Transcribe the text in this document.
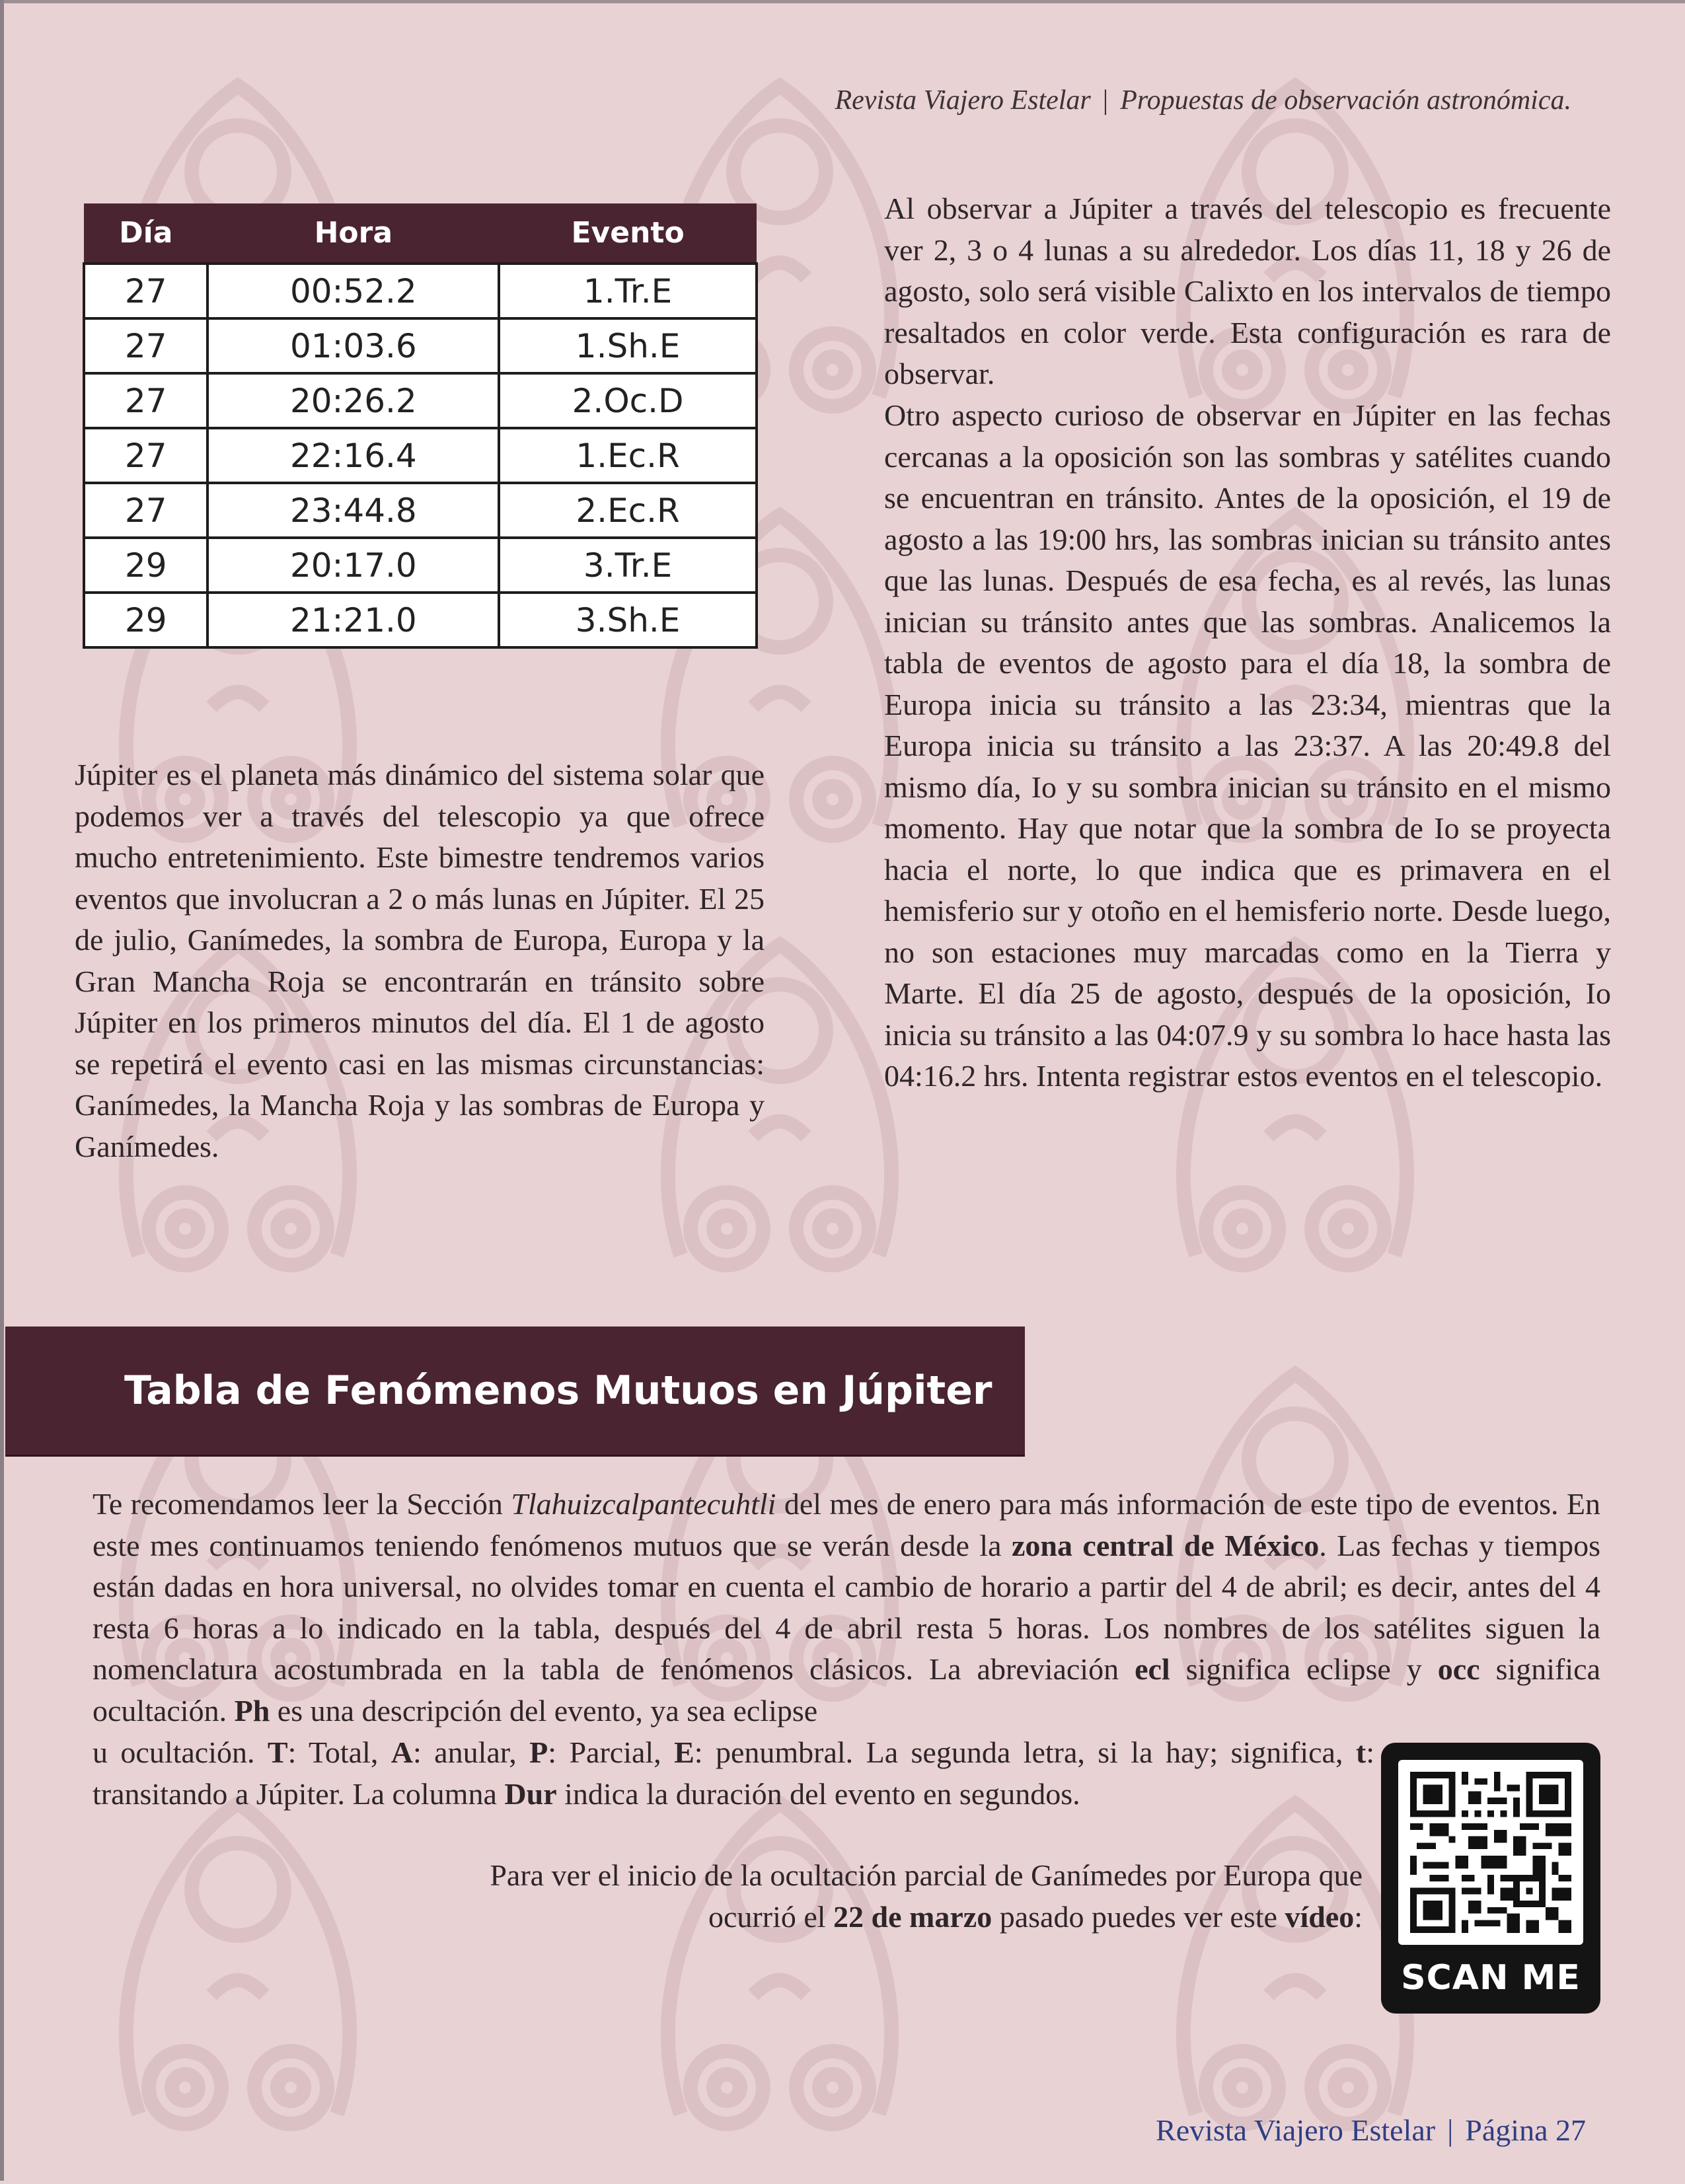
Revista Viajero Estelar | Propuestas de observación astronómica.
Día	Hora	Evento
27	00:52.2	1.Tr.E
27	01:03.6	1.Sh.E
27	20:26.2	2.Oc.D
27	22:16.4	1.Ec.R
27	23:44.8	2.Ec.R
29	20:17.0	3.Tr.E
29	21:21.0	3.Sh.E

Júpiter es el planeta más dinámico del sistema solar que podemos ver a través del telescopio ya que ofrece mucho entretenimiento. Este bimestre tendremos varios eventos que involucran a 2 o más lunas en Júpiter. El 25 de julio, Ganímedes, la sombra de Europa, Europa y la Gran Mancha Roja se encontrarán en tránsito sobre Júpiter en los primeros minutos del día. El 1 de agosto se repetirá el evento casi en las mismas circunstancias: Ganímedes, la Mancha Roja y las sombras de Europa y Ganímedes.

Al observar a Júpiter a través del telescopio es frecuente ver 2, 3 o 4 lunas a su alrededor. Los días 11, 18 y 26 de agosto, solo será visible Calixto en los intervalos de tiempo resaltados en color verde. Esta configuración es rara de observar.

Otro aspecto curioso de observar en Júpiter en las fechas cercanas a la oposición son las sombras y satélites cuando se encuentran en tránsito. Antes de la oposición, el 19 de agosto a las 19:00 hrs, las sombras inician su tránsito antes que las lunas. Después de esa fecha, es al revés, las lunas inician su tránsito antes que las sombras. Analicemos la tabla de eventos de agosto para el día 18, la sombra de Europa inicia su tránsito a las 23:34, mientras que la Europa inicia su tránsito a las 23:37. A las 20:49.8 del mismo día, Io y su sombra inician su tránsito en el mismo momento. Hay que notar que la sombra de Io se proyecta hacia el norte, lo que indica que es primavera en el hemisferio sur y otoño en el hemisferio norte. Desde luego, no son estaciones muy marcadas como en la Tierra y Marte. El día 25 de agosto, después de la oposición, Io inicia su tránsito a las 04:07.9 y su sombra lo hace hasta las 04:16.2 hrs. Intenta registrar estos eventos en el telescopio.

Tabla de Fenómenos Mutuos en Júpiter

Te recomendamos leer la Sección Tlahuizcalpantecuhtli del mes de enero para más información de este tipo de eventos. En este mes continuamos teniendo fenómenos mutuos que se verán desde la zona central de México. Las fechas y tiempos están dadas en hora universal, no olvides tomar en cuenta el cambio de horario a partir del 4 de abril; es decir, antes del 4 resta 6 horas a lo indicado en la tabla, después del 4 de abril resta 5 horas. Los nombres de los satélites siguen la nomenclatura acostumbrada en la tabla de fenómenos clásicos. La abreviación ecl significa eclipse y occ significa ocultación. Ph es una descripción del evento, ya sea eclipse

u ocultación. T: Total, A: anular, P: Parcial, E: penumbral. La segunda letra, si la hay; significa, t: transitando a Júpiter. La columna Dur indica la duración del evento en segundos.

Para ver el inicio de la ocultación parcial de Ganímedes por Europa que
ocurrió el 22 de marzo pasado puedes ver este vídeo:

SCAN ME
Revista Viajero Estelar | Página 27
